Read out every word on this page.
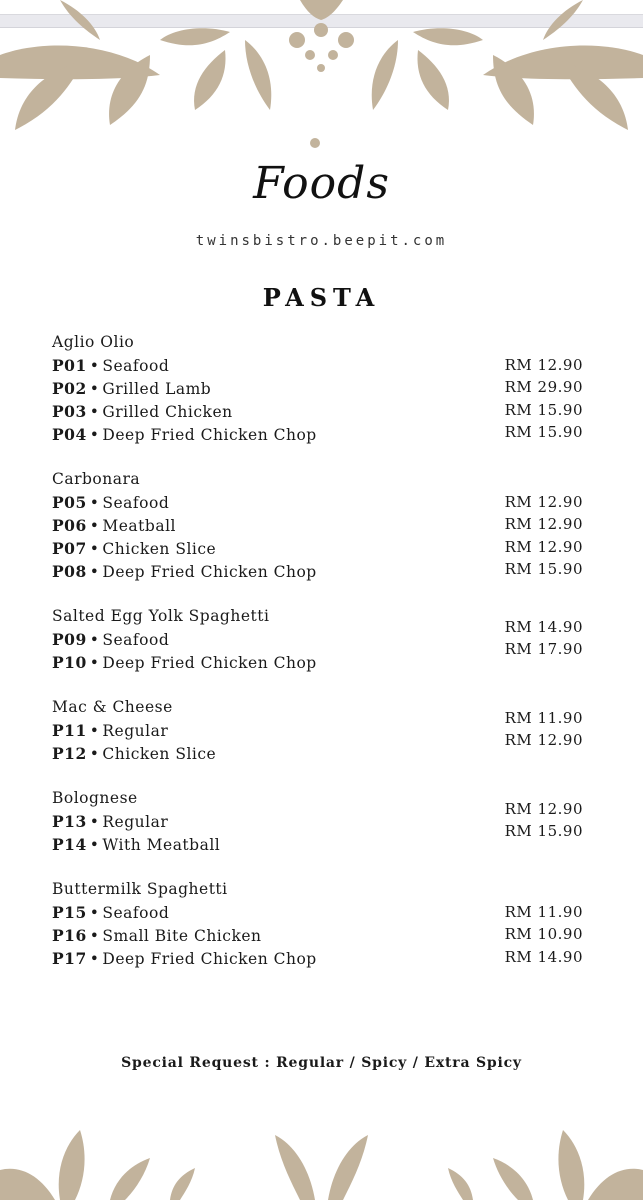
Foods
twinsbistro.beepit.com
PASTA
Aglio Olio
P01 • Seafood
P02 • Grilled Lamb
P03 • Grilled Chicken
P04 • Deep Fried Chicken Chop
RM 12.90
RM 29.90
RM 15.90
RM 15.90
Carbonara
P05 • Seafood
P06 • Meatball
P07 • Chicken Slice
P08 • Deep Fried Chicken Chop
RM 12.90
RM 12.90
RM 12.90
RM 15.90
Salted Egg Yolk Spaghetti
P09 • Seafood
P10 • Deep Fried Chicken Chop
RM 14.90
RM 17.90
Mac & Cheese
P11 • Regular
P12 • Chicken Slice
RM 11.90
RM 12.90
Bolognese
P13 • Regular
P14 • With Meatball
RM 12.90
RM 15.90
Buttermilk Spaghetti
P15 • Seafood
P16 • Small Bite Chicken
P17 • Deep Fried Chicken Chop
RM 11.90
RM 10.90
RM 14.90
Special Request : Regular / Spicy / Extra Spicy
